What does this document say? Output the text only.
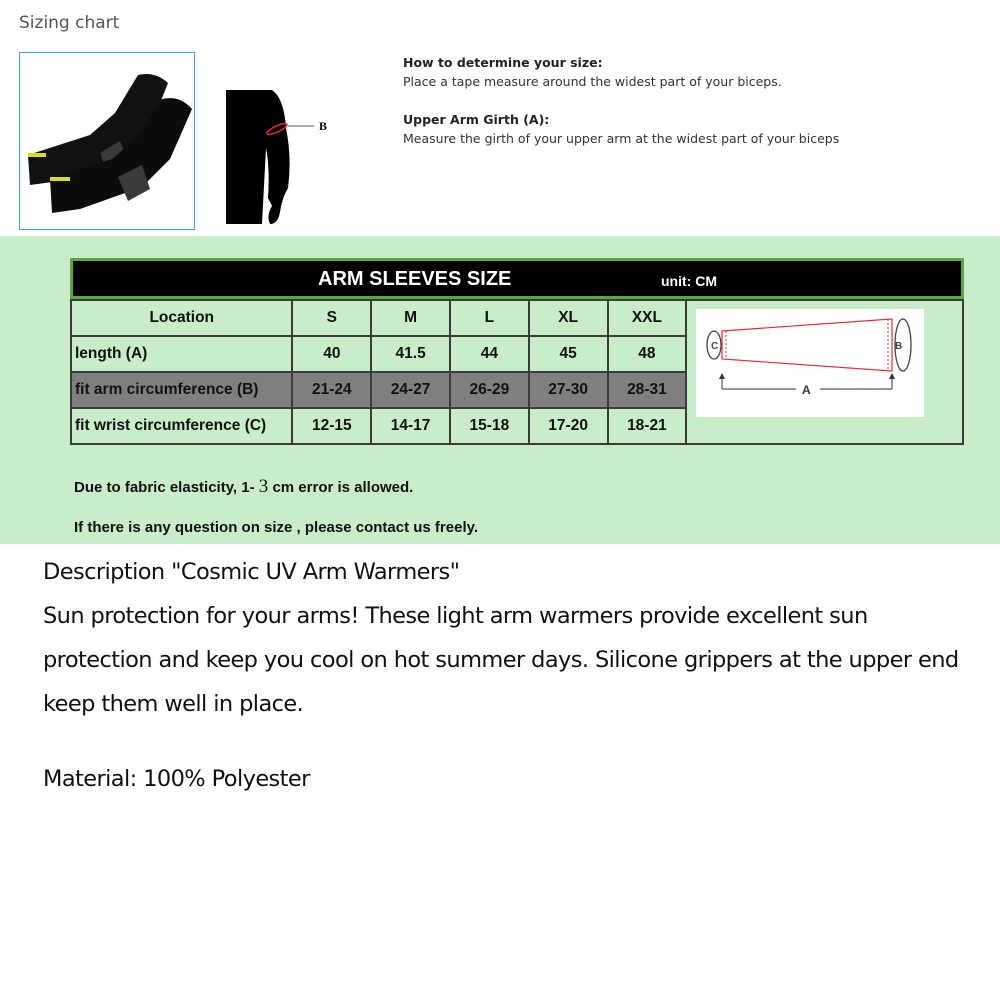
Sizing chart
B
How to determine your size:
Place a tape measure around the widest part of your biceps.
Upper Arm Girth (A):
Measure the girth of your upper arm at the widest part of your biceps
ARM SLEEVES SIZE	unit: CM
Location	S	M	L	XL	XXL	C B
A

length (A)	40	41.5	44	45	48	
fit arm circumference (B)	21-24	24-27	26-29	27-30	28-31	
fit wrist circumference (C)	12-15	14-17	15-18	17-20	18-21	

Due to fabric elasticity, 1- 3 cm error is allowed.

If there is any question on size , please contact us freely.

Description "Cosmic UV Arm Warmers"
Sun protection for your arms! These light arm warmers provide excellent sun protection and keep you cool on hot summer days. Silicone grippers at the upper end keep them well in place.
Material: 100% Polyester
